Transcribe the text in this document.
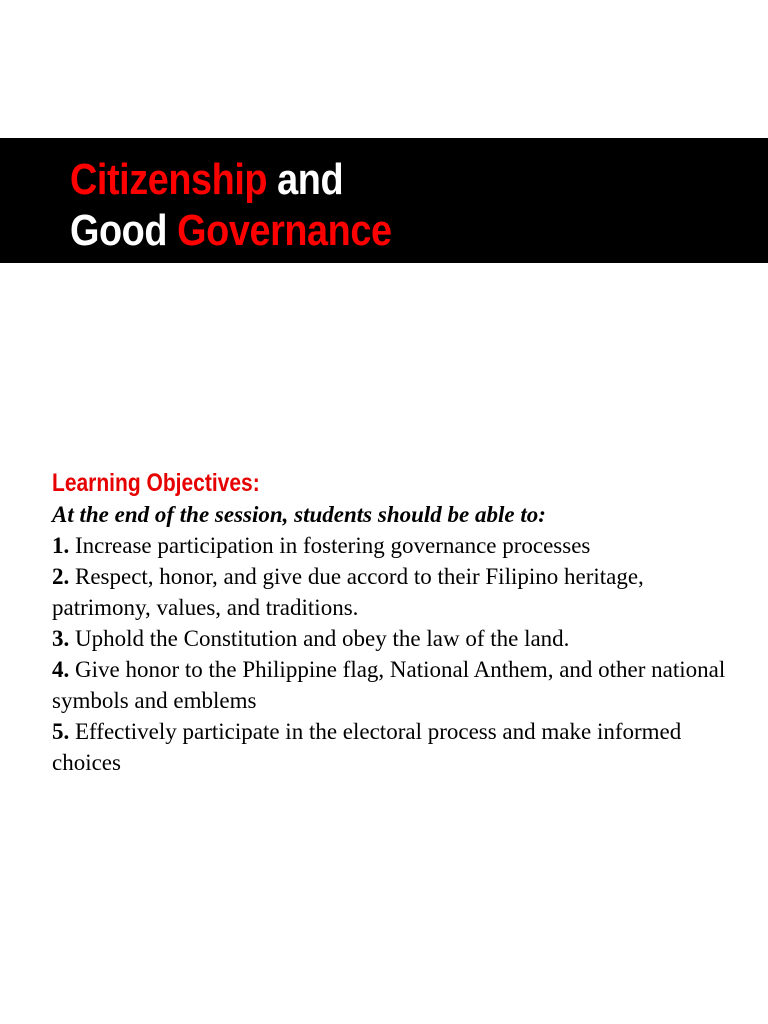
Citizenship and
Good Governance

Learning Objectives:

At the end of the session, students should be able to:

1. Increase participation in fostering governance processes
2. Respect, honor, and give due accord to their Filipino heritage, patrimony, values, and traditions.
3. Uphold the Constitution and obey the law of the land.
4. Give honor to the Philippine flag, National Anthem, and other national symbols and emblems
5. Effectively participate in the electoral process and make informed choices
